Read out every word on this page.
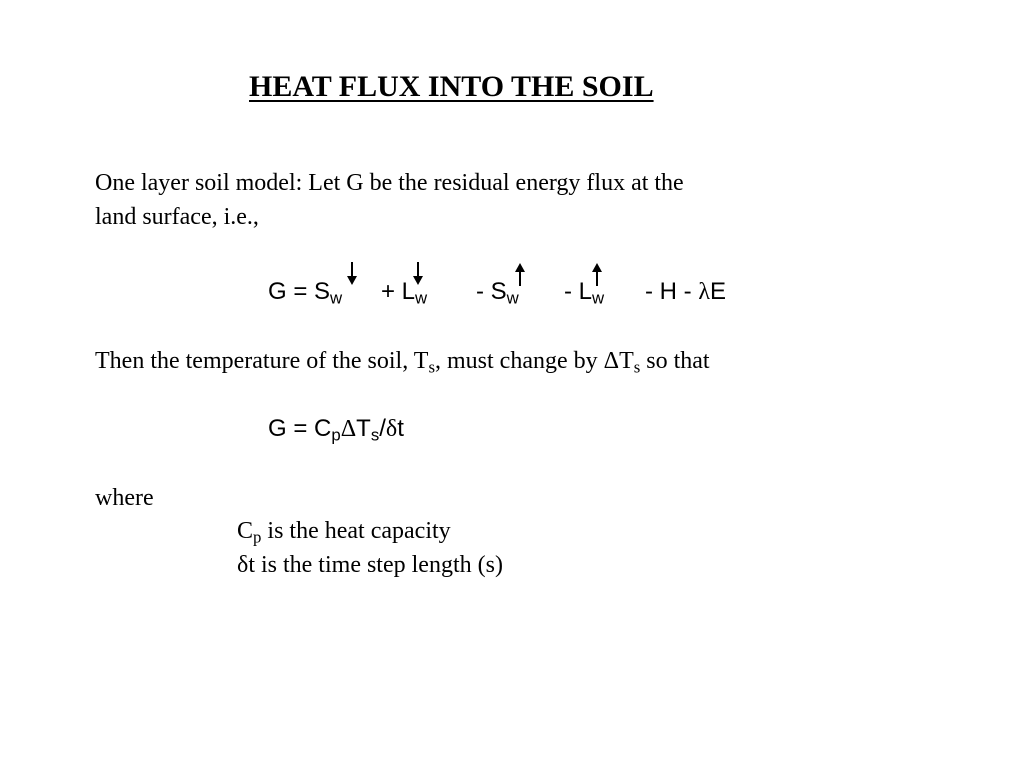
HEAT FLUX INTO THE SOIL
One layer soil model: Let G be the residual energy flux at the
land surface, i.e.,
$G = S_w + L_w - S_w - L_w - H - \lambda E$
Then the temperature of the soil, $T_s$, must change by $\Delta T_s$ so that
$G = C_p\Delta T_s/\delta t$
where
$C_p$ is the heat capacity
δt is the time step length (s)
